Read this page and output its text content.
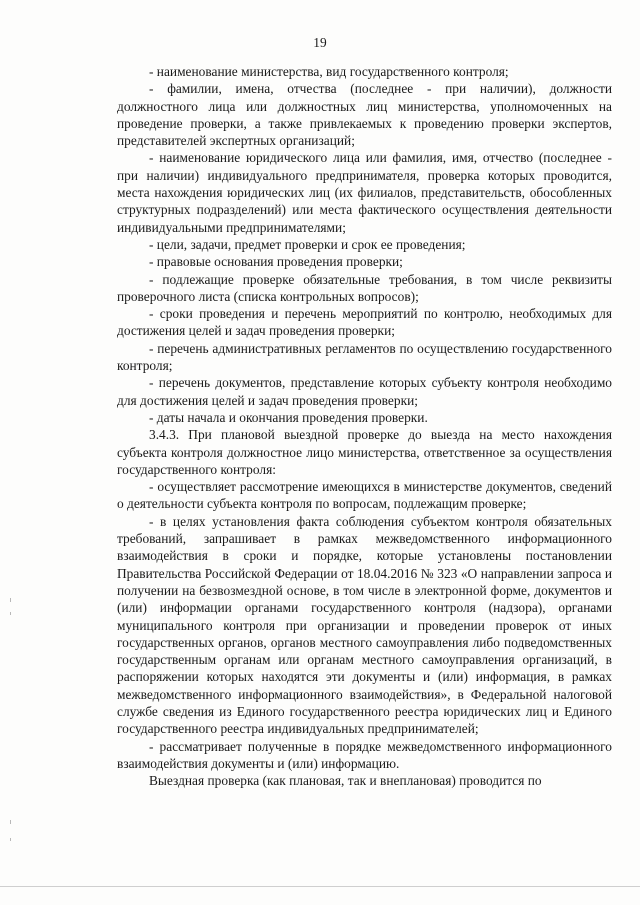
19

- наименование министерства, вид государственного контроля;

- фамилии, имена, отчества (последнее - при наличии), должности должностного лица или должностных лиц министерства, уполномоченных на проведение проверки, а также привлекаемых к проведению проверки экспертов, представителей экспертных организаций;

- наименование юридического лица или фамилия, имя, отчество (последнее - при наличии) индивидуального предпринимателя, проверка которых проводится, места нахождения юридических лиц (их филиалов, представительств, обособленных структурных подразделений) или места фактического осуществления деятельности индивидуальными предпринимателями;

- цели, задачи, предмет проверки и срок ее проведения;

- правовые основания проведения проверки;

- подлежащие проверке обязательные требования, в том числе реквизиты проверочного листа (списка контрольных вопросов);

- сроки проведения и перечень мероприятий по контролю, необходимых для достижения целей и задач проведения проверки;

- перечень административных регламентов по осуществлению государственного контроля;

- перечень документов, представление которых субъекту контроля необходимо для достижения целей и задач проведения проверки;

- даты начала и окончания проведения проверки.

3.4.3. При плановой выездной проверке до выезда на место нахождения субъекта контроля должностное лицо министерства, ответственное за осуществления государственного контроля:

- осуществляет рассмотрение имеющихся в министерстве документов, сведений о деятельности субъекта контроля по вопросам, подлежащим проверке;

- в целях установления факта соблюдения субъектом контроля обязательных требований, запрашивает в рамках межведомственного информационного взаимодействия в сроки и порядке, которые установлены постановлении Правительства Российской Федерации от 18.04.2016 № 323 «О направлении запроса и получении на безвозмездной основе, в том числе в электронной форме, документов и (или) информации органами государственного контроля (надзора), органами муниципального контроля при организации и проведении проверок от иных государственных органов, органов местного самоуправления либо подведомственных государственным органам или органам местного самоуправления организаций, в распоряжении которых находятся эти документы и (или) информация, в рамках межведомственного информационного взаимодействия», в Федеральной налоговой службе сведения из Единого государственного реестра юридических лиц и Единого государственного реестра индивидуальных предпринимателей;

- рассматривает полученные в порядке межведомственного информационного взаимодействия документы и (или) информацию.

Выездная проверка (как плановая, так и внеплановая) проводится по
